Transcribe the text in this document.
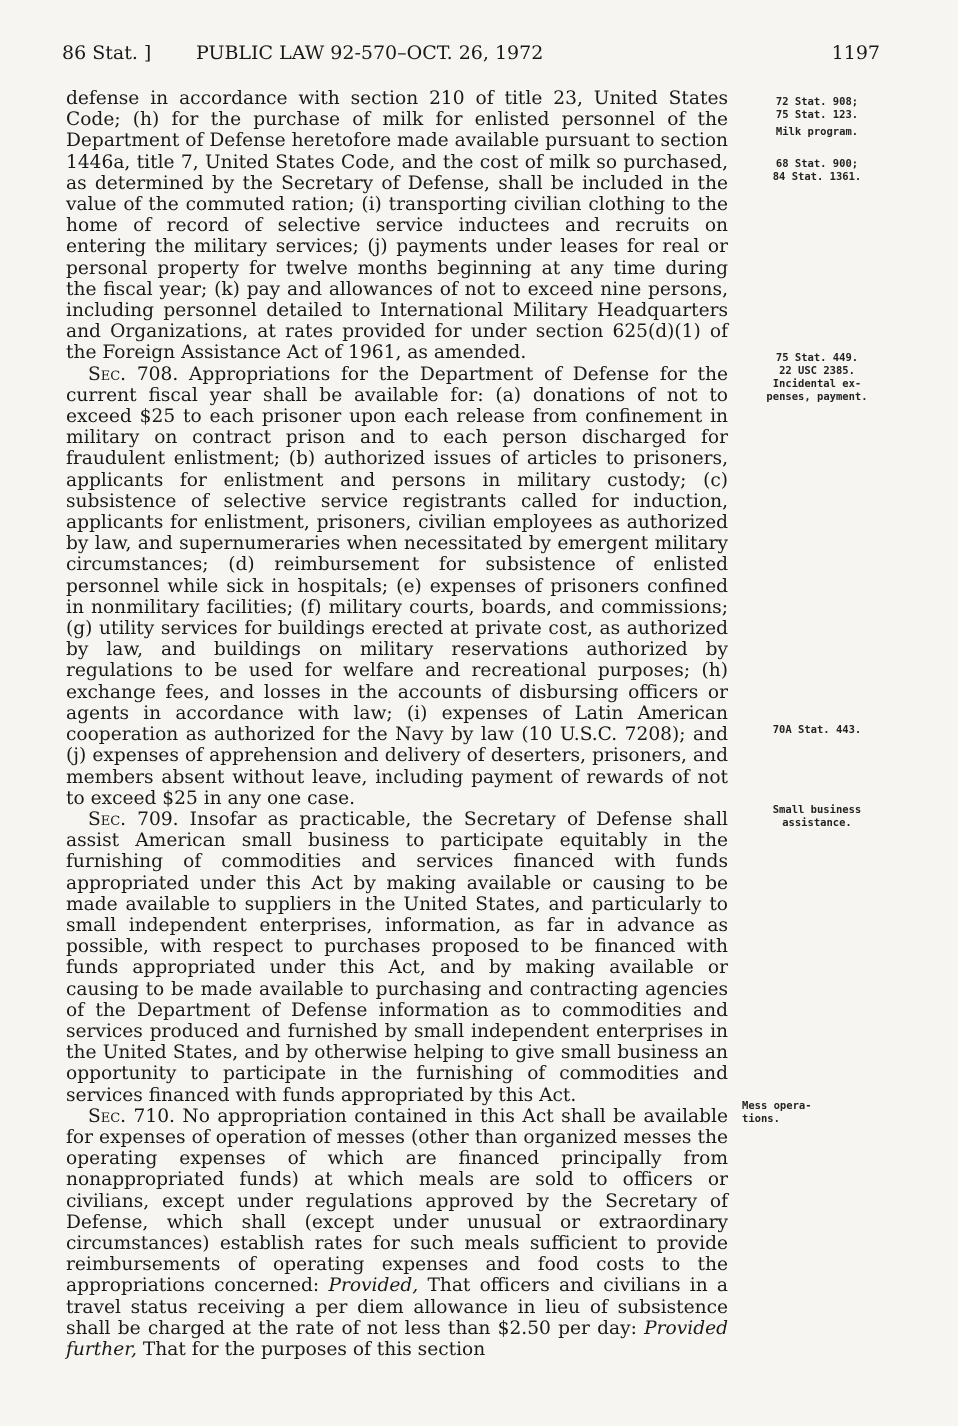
86 Stat. ] PUBLIC LAW 92-570–OCT. 26, 1972	1197

defense in accordance with section 210 of title 23, United States Code; (h) for the purchase of milk for enlisted personnel of the Department of Defense heretofore made available pursuant to section 1446a, title 7, United States Code, and the cost of milk so purchased, as determined by the Secretary of Defense, shall be included in the value of the commuted ration; (i) transporting civilian clothing to the home of record of selective service inductees and recruits on entering the military services; (j) payments under leases for real or personal property for twelve months beginning at any time during the fiscal year; (k) pay and allowances of not to exceed nine persons, including personnel detailed to International Military Headquarters and Organizations, at rates provided for under section 625(d)(1) of the Foreign Assistance Act of 1961, as amended.

Sec. 708. Appropriations for the Department of Defense for the current fiscal year shall be available for: (a) donations of not to exceed $25 to each prisoner upon each release from confinement in military on contract prison and to each person discharged for fraudulent enlistment; (b) authorized issues of articles to prisoners, applicants for enlistment and persons in military custody; (c) subsistence of selective service registrants called for induction, applicants for enlistment, prisoners, civilian employees as authorized by law, and supernumeraries when necessitated by emergent military circumstances; (d) reimbursement for subsistence of enlisted personnel while sick in hospitals; (e) expenses of prisoners confined in nonmilitary facilities; (f) military courts, boards, and commissions; (g) utility services for buildings erected at private cost, as authorized by law, and buildings on military reservations authorized by regulations to be used for welfare and recreational purposes; (h) exchange fees, and losses in the accounts of disbursing officers or agents in accordance with law; (i) expenses of Latin American cooperation as authorized for the Navy by law (10 U.S.C. 7208); and (j) expenses of apprehension and delivery of deserters, prisoners, and members absent without leave, including payment of rewards of not to exceed $25 in any one case.

Sec. 709. Insofar as practicable, the Secretary of Defense shall assist American small business to participate equitably in the furnishing of commodities and services financed with funds appropriated under this Act by making available or causing to be made available to suppliers in the United States, and particularly to small independent enterprises, information, as far in advance as possible, with respect to purchases proposed to be financed with funds appropriated under this Act, and by making available or causing to be made available to purchasing and contracting agencies of the Department of Defense information as to commodities and services produced and furnished by small independent enterprises in the United States, and by otherwise helping to give small business an opportunity to participate in the furnishing of commodities and services financed with funds appropriated by this Act.

Sec. 710. No appropriation contained in this Act shall be available for expenses of operation of messes (other than organized messes the operating expenses of which are financed principally from nonappropriated funds) at which meals are sold to officers or civilians, except under regulations approved by the Secretary of Defense, which shall (except under unusual or extraordinary circumstances) establish rates for such meals sufficient to provide reimbursements of operating expenses and food costs to the appropriations concerned: Provided, That officers and civilians in a travel status receiving a per diem allowance in lieu of subsistence shall be charged at the rate of not less than $2.50 per day: Provided further, That for the purposes of this section

72 Stat. 908;
75 Stat. 123.
Milk program.
68 Stat. 900;
84 Stat. 1361.
75 Stat. 449.
22 USC 2385.
Incidental ex-
penses, payment.
70A Stat. 443.
Small business
assistance.
Mess opera-
tions.
